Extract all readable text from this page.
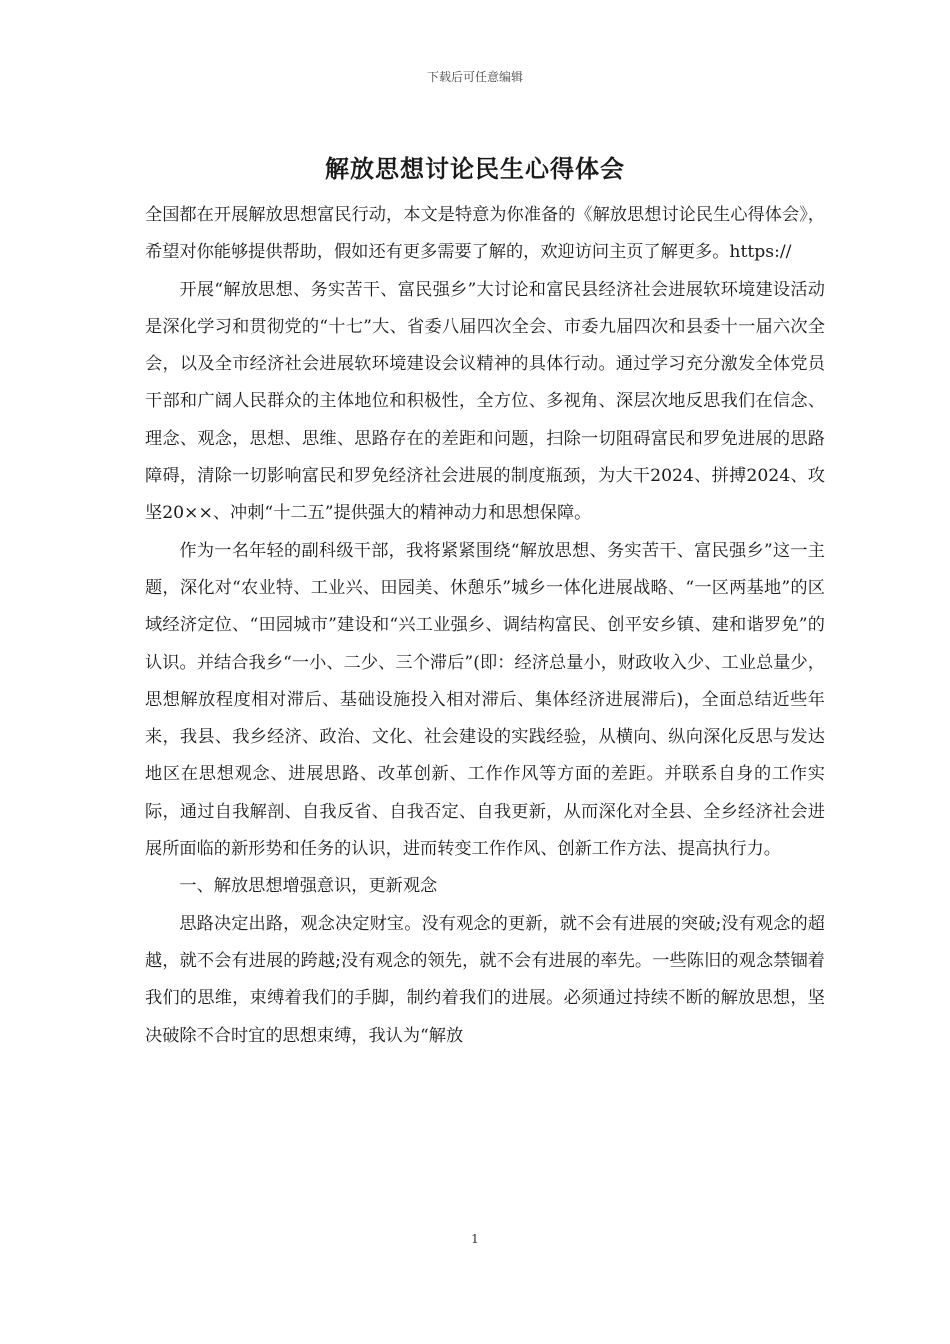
下载后可任意编辑
解放思想讨论民生心得体会

全国都在开展解放思想富民行动，本文是特意为你准备的《解放思想讨论民生心得体会》，希望对你能够提供帮助，假如还有更多需要了解的，欢迎访问主页了解更多。https://

开展“解放思想、务实苦干、富民强乡”大讨论和富民县经济社会进展软环境建设活动是深化学习和贯彻党的“十七”大、省委八届四次全会、市委九届四次和县委十一届六次全会，以及全市经济社会进展软环境建设会议精神的具体行动。通过学习充分激发全体党员干部和广阔人民群众的主体地位和积极性，全方位、多视角、深层次地反思我们在信念、理念、观念，思想、思维、思路存在的差距和问题，扫除一切阻碍富民和罗免进展的思路障碍，清除一切影响富民和罗免经济社会进展的制度瓶颈，为大干2024、拼搏2024、攻坚20××、冲刺“十二五”提供强大的精神动力和思想保障。

作为一名年轻的副科级干部，我将紧紧围绕“解放思想、务实苦干、富民强乡”这一主题，深化对“农业特、工业兴、田园美、休憩乐”城乡一体化进展战略、“一区两基地”的区域经济定位、“田园城市”建设和“兴工业强乡、调结构富民、创平安乡镇、建和谐罗免”的认识。并结合我乡“一小、二少、三个滞后”(即：经济总量小，财政收入少、工业总量少，思想解放程度相对滞后、基础设施投入相对滞后、集体经济进展滞后)，全面总结近些年来，我县、我乡经济、政治、文化、社会建设的实践经验，从横向、纵向深化反思与发达地区在思想观念、进展思路、改革创新、工作作风等方面的差距。并联系自身的工作实际，通过自我解剖、自我反省、自我否定、自我更新，从而深化对全县、全乡经济社会进展所面临的新形势和任务的认识，进而转变工作作风、创新工作方法、提高执行力。

一、解放思想增强意识，更新观念

思路决定出路，观念决定财宝。没有观念的更新，就不会有进展的突破;没有观念的超越，就不会有进展的跨越;没有观念的领先，就不会有进展的率先。一些陈旧的观念禁锢着我们的思维，束缚着我们的手脚，制约着我们的进展。必须通过持续不断的解放思想，坚决破除不合时宜的思想束缚，我认为“解放

1
